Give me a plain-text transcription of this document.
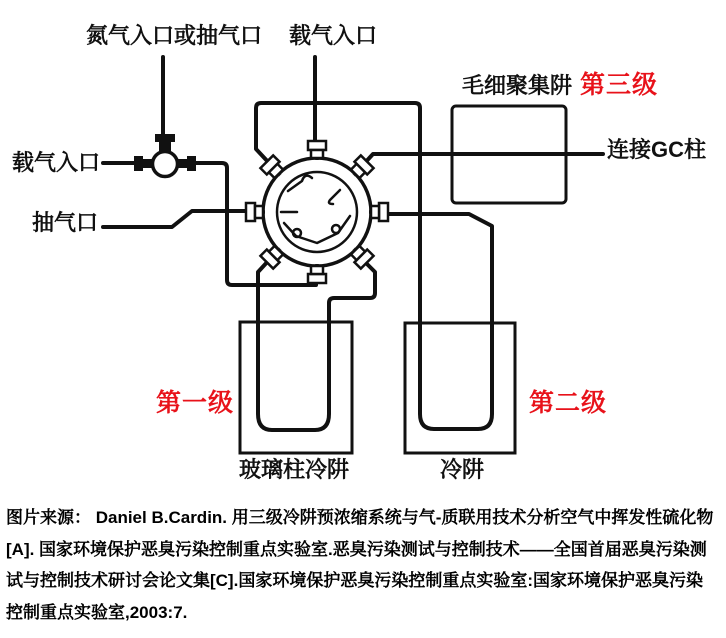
氮气入口或抽气口 载气入口
载气入口
抽气口
毛细聚集阱 第三级
连接GC柱
第一级	第二级
玻璃柱冷阱	冷阱
图片来源： Daniel B.Cardin. 用三级冷阱预浓缩系统与气-质联用技术分析空气中挥发性硫化物
[A]. 国家环境保护恶臭污染控制重点实验室.恶臭污染测试与控制技术——全国首届恶臭污染测
试与控制技术研讨会论文集[C].国家环境保护恶臭污染控制重点实验室:国家环境保护恶臭污染
控制重点实验室,2003:7.
